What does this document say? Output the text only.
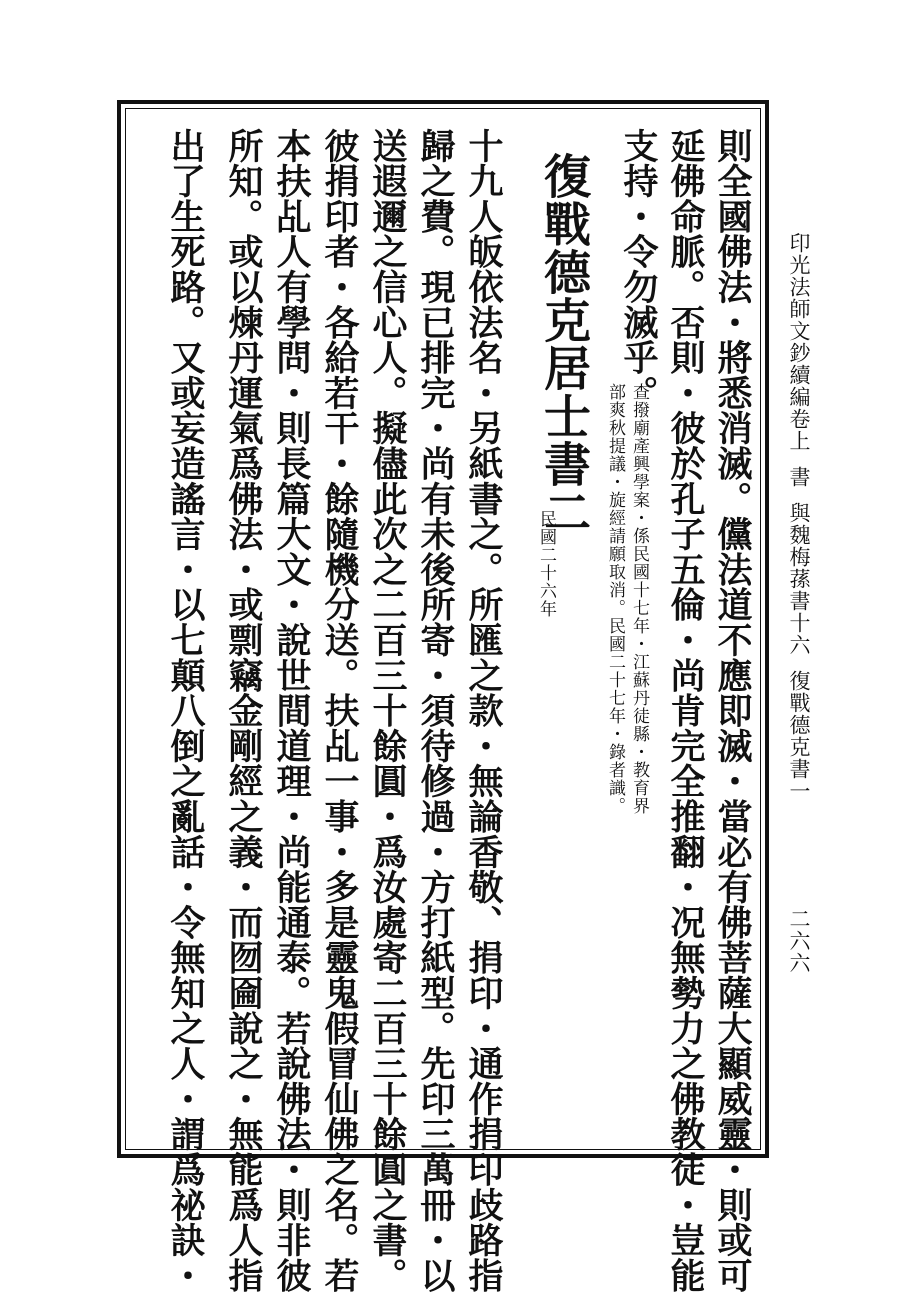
印光法師文鈔續編卷上書與魏梅蓀書十六復戰德克書一
二六六
則全國佛法・將悉消滅。儻法道不應即滅・當必有佛菩薩大顯威靈・則或可
延佛命脈。否則・彼於孔子五倫・尚肯完全推翻・况無勢力之佛教徒・豈能
支持・令勿滅乎。
查撥廟產興學案・係民國十七年・江蘇丹徒縣・教育界
部爽秋提議・旋經請願取消。民國二十七年・錄者識。
復戰德克居士書二
民國二十六年
十九人皈依法名・另紙書之。所匯之款・無論香敬、捐印・通作捐印歧路指
歸之費。現已排完・尚有未後所寄・須待修過・方打紙型。先印三萬冊・以
送遐邇之信心人。擬儘此次之二百三十餘圓・爲汝處寄二百三十餘圓之書。
彼捐印者・各給若干・餘隨機分送。扶乩一事・多是靈鬼假冒仙佛之名。若
本扶乩人有學問・則長篇大文・說世間道理・尚能通泰。若說佛法・則非彼
所知。或以煉丹運氣爲佛法・或剽竊金剛經之義・而囫圇說之・無能爲人指
出了生死路。又或妄造謠言・以七顛八倒之亂話・令無知之人・謂爲祕訣・
